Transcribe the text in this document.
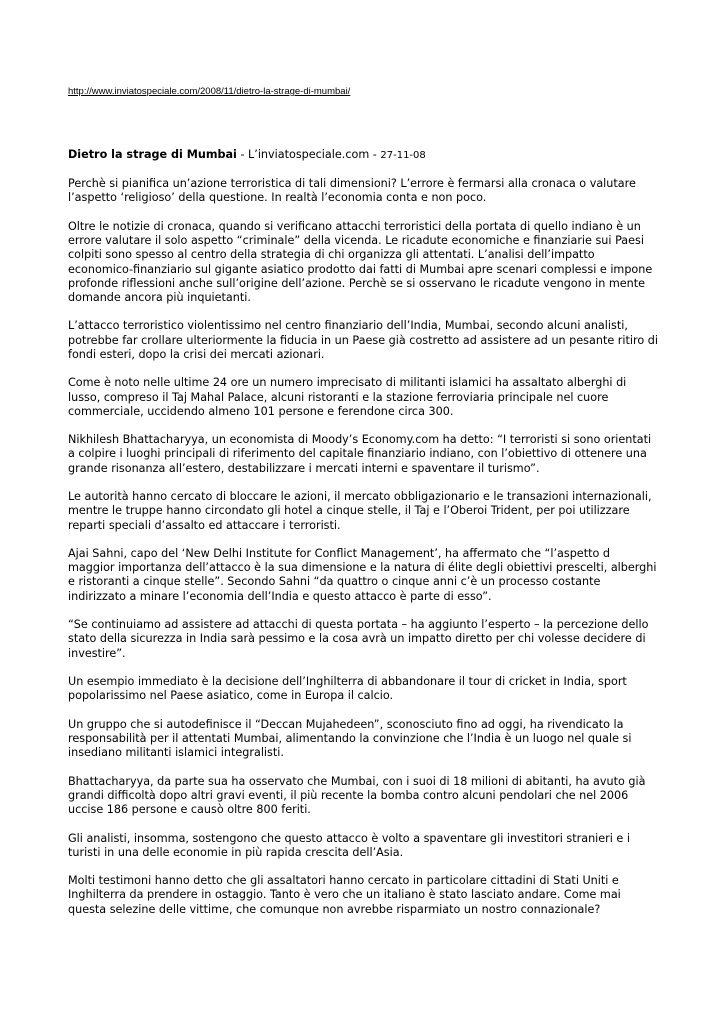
http://www.inviatospeciale.com/2008/11/dietro-la-strage-di-mumbai/
Dietro la strage di Mumbai - L’inviatospeciale.com - 27-11-08

Perchè si pianifica un’azione terroristica di tali dimensioni? L’errore è fermarsi alla cronaca o valutare l’aspetto ‘religioso’ della questione. In realtà l’economia conta e non poco.

Oltre le notizie di cronaca, quando si verificano attacchi terroristici della portata di quello indiano è un errore valutare il solo aspetto “criminale” della vicenda. Le ricadute economiche e finanziarie sui Paesi colpiti sono spesso al centro della strategia di chi organizza gli attentati. L’analisi dell’impatto economico-finanziario sul gigante asiatico prodotto dai fatti di Mumbai apre scenari complessi e impone profonde riflessioni anche sull’origine dell’azione. Perchè se si osservano le ricadute vengono in mente domande ancora più inquietanti.

L’attacco terroristico violentissimo nel centro finanziario dell’India, Mumbai, secondo alcuni analisti, potrebbe far crollare ulteriormente la fiducia in un Paese già costretto ad assistere ad un pesante ritiro di fondi esteri, dopo la crisi dei mercati azionari.

Come è noto nelle ultime 24 ore un numero imprecisato di militanti islamici ha assaltato alberghi di lusso, compreso il Taj Mahal Palace, alcuni ristoranti e la stazione ferroviaria principale nel cuore commerciale, uccidendo almeno 101 persone e ferendone circa 300.

Nikhilesh Bhattacharyya, un economista di Moody’s Economy.com ha detto: “I terroristi si sono orientati a colpire i luoghi principali di riferimento del capitale finanziario indiano, con l’obiettivo di ottenere una grande risonanza all’estero, destabilizzare i mercati interni e spaventare il turismo”.

Le autorità hanno cercato di bloccare le azioni, il mercato obbligazionario e le transazioni internazionali, mentre le truppe hanno circondato gli hotel a cinque stelle, il Taj e l’Oberoi Trident, per poi utilizzare reparti speciali d’assalto ed attaccare i terroristi.

Ajai Sahni, capo del ‘New Delhi Institute for Conflict Management’, ha affermato che “l’aspetto d maggior importanza dell’attacco è la sua dimensione e la natura di élite degli obiettivi prescelti, alberghi e ristoranti a cinque stelle”. Secondo Sahni “da quattro o cinque anni c’è un processo costante indirizzato a minare l’economia dell’India e questo attacco è parte di esso”.

“Se continuiamo ad assistere ad attacchi di questa portata – ha aggiunto l’esperto – la percezione dello stato della sicurezza in India sarà pessimo e la cosa avrà un impatto diretto per chi volesse decidere di investire”.

Un esempio immediato è la decisione dell’Inghilterra di abbandonare il tour di cricket in India, sport popolarissimo nel Paese asiatico, come in Europa il calcio.

Un gruppo che si autodefinisce il “Deccan Mujahedeen”, sconosciuto fino ad oggi, ha rivendicato la responsabilità per il attentati Mumbai, alimentando la convinzione che l’India è un luogo nel quale si insediano militanti islamici integralisti.

Bhattacharyya, da parte sua ha osservato che Mumbai, con i suoi di 18 milioni di abitanti, ha avuto già grandi difficoltà dopo altri gravi eventi, il più recente la bomba contro alcuni pendolari che nel 2006 uccise 186 persone e causò oltre 800 feriti.

Gli analisti, insomma, sostengono che questo attacco è volto a spaventare gli investitori stranieri e i turisti in una delle economie in più rapida crescita dell’Asia.

Molti testimoni hanno detto che gli assaltatori hanno cercato in particolare cittadini di Stati Uniti e Inghilterra da prendere in ostaggio. Tanto è vero che un italiano è stato lasciato andare. Come mai questa selezine delle vittime, che comunque non avrebbe risparmiato un nostro connazionale?
